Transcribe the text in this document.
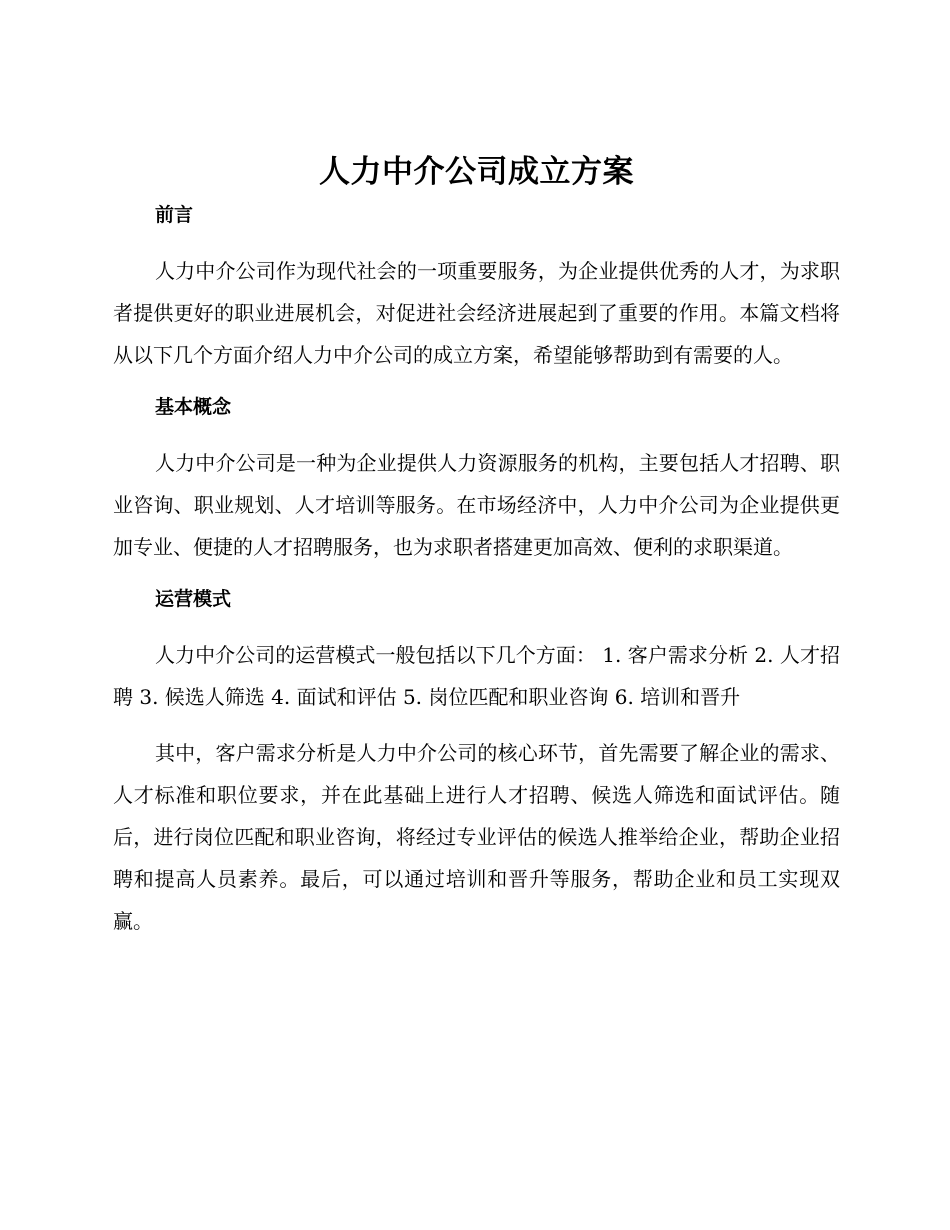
人力中介公司成立方案
前言

人力中介公司作为现代社会的一项重要服务，为企业提供优秀的人才，为求职者提供更好的职业进展机会，对促进社会经济进展起到了重要的作用。本篇文档将从以下几个方面介绍人力中介公司的成立方案，希望能够帮助到有需要的人。

基本概念

人力中介公司是一种为企业提供人力资源服务的机构，主要包括人才招聘、职业咨询、职业规划、人才培训等服务。在市场经济中，人力中介公司为企业提供更加专业、便捷的人才招聘服务，也为求职者搭建更加高效、便利的求职渠道。

运营模式

人力中介公司的运营模式一般包括以下几个方面： 1. 客户需求分析 2. 人才招聘 3. 候选人筛选 4. 面试和评估 5. 岗位匹配和职业咨询 6. 培训和晋升

其中，客户需求分析是人力中介公司的核心环节，首先需要了解企业的需求、人才标准和职位要求，并在此基础上进行人才招聘、候选人筛选和面试评估。随后，进行岗位匹配和职业咨询，将经过专业评估的候选人推举给企业，帮助企业招聘和提高人员素养。最后，可以通过培训和晋升等服务，帮助企业和员工实现双赢。
